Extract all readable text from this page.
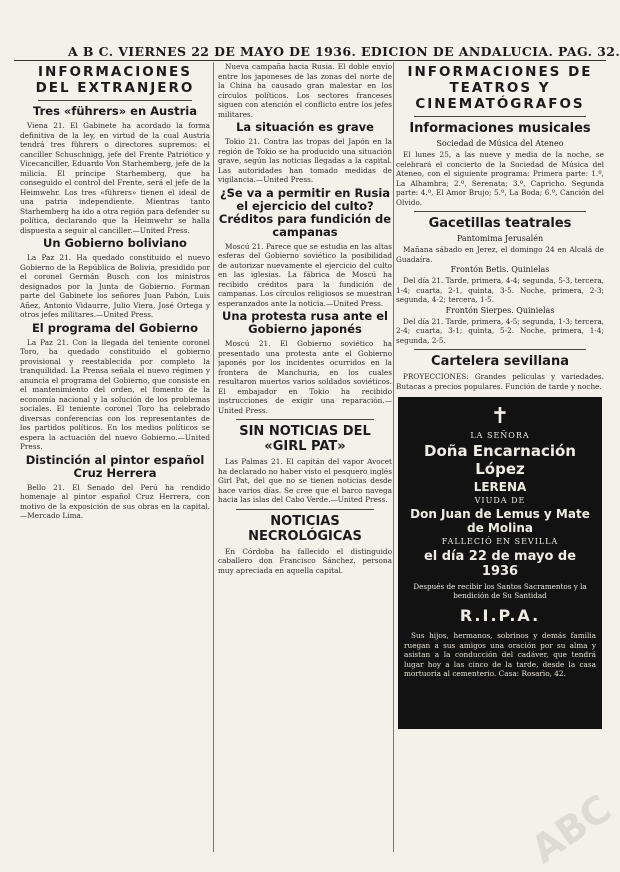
A B C. VIERNES 22 DE MAYO DE 1936. EDICION DE ANDALUCIA. PAG. 32.
INFORMACIONES DEL EXTRANJERO
Tres «führers» en Austria

Viena 21. El Gabinete ha acordado la forma definitiva de la ley, en virtud de la cual Austria tendrá tres führers o directores supremos: el canciller Schuschnigg, jefe del Frente Patriótico y Vicecanciller, Eduardo Von Starhemberg, jefe de la milicia. El príncipe Starhemberg, que ha conseguido el control del Frente, será el jefe de la Heimwehr. Los tres «führers» tienen el ideal de una patria independiente. Mientras tanto Starhemberg ha ido a otra región para defender su política, declarando que la Heimwehr se halla dispuesta a seguir al canciller.—United Press.

Un Gobierno boliviano

La Paz 21. Ha quedado constituido el nuevo Gobierno de la República de Bolivia, presidido por el coronel Germán Busch con los ministros designados por la Junta de Gobierno. Forman parte del Gabinete los señores Juan Pabón, Luis Añez, Antonio Vidaurre, Julio Viera, José Ortega y otros jefes militares.—United Press.

El programa del Gobierno

La Paz 21. Con la llegada del teniente coronel Toro, ha quedado constituido el gobierno provisional y reestablecida por completo la tranquilidad. La Prensa señala el nuevo régimen y anuncia el programa del Gobierno, que consiste en el mantenimiento del orden, el fomento de la economía nacional y la solución de los problemas sociales. El teniente coronel Toro ha celebrado diversas conferencias con los representantes de los partidos políticos. En los medios políticos se espera la actuación del nuevo Gobierno.—United Press.

Distinción al pintor español Cruz Herrera

Bello 21. El Senado del Perú ha rendido homenaje al pintor español Cruz Herrera, con motivo de la exposición de sus obras en la capital.—Mercado Lima.

Nueva campaña hacia Rusia. El doble envío entre los japoneses de las zonas del norte de la China ha causado gran malestar en los círculos políticos. Los sectores franceses siguen con atención el conflicto entre los jefes militares.

La situación es grave

Tokio 21. Contra las tropas del Japón en la región de Tokio se ha producido una situación grave, según las noticias llegadas a la capital. Las autoridades han tomado medidas de vigilancia.—United Press.

¿Se va a permitir en Rusia el ejercicio del culto? Créditos para fundición de campanas

Moscú 21. Parece que se estudia en las altas esferas del Gobierno soviético la posibilidad de autorizar nuevamente el ejercicio del culto en las iglesias. La fábrica de Moscú ha recibido créditos para la fundición de campanas. Los círculos religiosos se muestran esperanzados ante la noticia.—United Press.

Una protesta rusa ante el Gobierno japonés

Moscú 21. El Gobierno soviético ha presentado una protesta ante el Gobierno japonés por los incidentes ocurridos en la frontera de Manchuria, en los cuales resultaron muertos varios soldados soviéticos. El embajador en Tokio ha recibido instrucciones de exigir una reparación.—United Press.

SIN NOTICIAS DEL «GIRL PAT»

Las Palmas 21. El capitán del vapor Avocet ha declarado no haber visto el pesquero inglés Girl Pat, del que no se tienen noticias desde hace varios días. Se cree que el barco navega hacia las islas del Cabo Verde.—United Press.

NOTICIAS NECROLÓGICAS

En Córdoba ha fallecido el distinguido caballero don Francisco Sánchez, persona muy apreciada en aquella capital.

INFORMACIONES DE TEATROS Y CINEMATÓGRAFOS
Informaciones musicales
Sociedad de Música del Ateneo

El lunes 25, a las nueve y media de la noche, se celebrará el concierto de la Sociedad de Música del Ateneo, con el siguiente programa: Primera parte: 1.º, La Alhambra; 2.º, Serenata; 3.º, Capricho. Segunda parte: 4.º, El Amor Brujo; 5.º, La Boda; 6.º, Canción del Olvido.

Gacetillas teatrales
Pantomima Jerusalén

Mañana sábado en Jerez, el domingo 24 en Alcalá de Guadaíra.

Frontón Betis. Quinielas

Del día 21. Tarde, primera, 4-4; segunda, 5-3, tercera, 1-4; cuarta, 2-1, quinta, 3-5. Noche, primera, 2-3; segunda, 4-2; tercera, 1-5.

Frontón Sierpes. Quinielas

Del día 21. Tarde, primera, 4-5; segunda, 1-3; tercera, 2-4; cuarta, 3-1; quinta, 5-2. Noche, primera, 1-4; segunda, 2-5.

Cartelera sevillana

PROYECCIONES: Grandes películas y variedades. Butacas a precios populares. Función de tarde y noche.

✝
LA SEÑORA
Doña Encarnación López
LERENA
VIUDA DE
Don Juan de Lemus y Mate de Molina
FALLECIÓ EN SEVILLA
el día 22 de mayo de 1936
Después de recibir los Santos Sacramentos y la bendición de Su Santidad
R.I.P.A.

Sus hijos, hermanos, sobrinos y demás familia ruegan a sus amigos una oración por su alma y asistan a la conducción del cadáver, que tendrá lugar hoy a las cinco de la tarde, desde la casa mortuoria al cementerio. Casa: Rosario, 42.

ABC
